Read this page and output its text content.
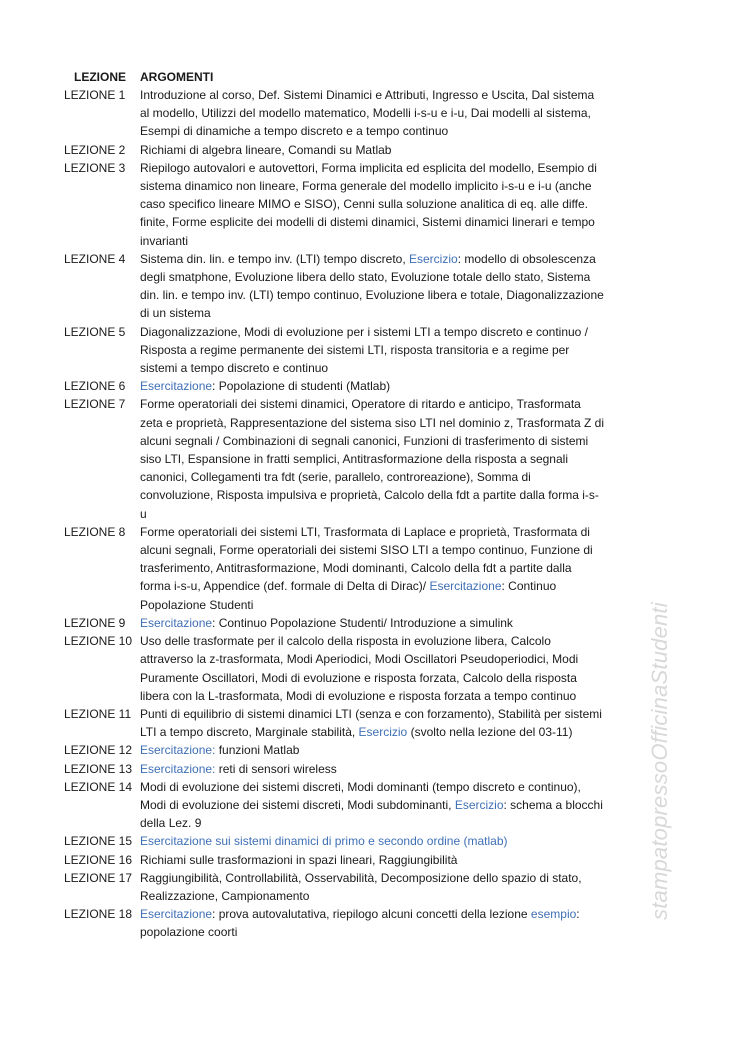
LEZIONE ARGOMENTI
LEZIONE 1	Introduzione al corso, Def. Sistemi Dinamici e Attributi, Ingresso e Uscita, Dal sistema al modello, Utilizzi del modello matematico, Modelli i-s-u e i-u, Dai modelli al sistema, Esempi di dinamiche a tempo discreto e a tempo continuo
LEZIONE 2	Richiami di algebra lineare, Comandi su Matlab
LEZIONE 3	Riepilogo autovalori e autovettori, Forma implicita ed esplicita del modello, Esempio di sistema dinamico non lineare, Forma generale del modello implicito i-s-u e i-u (anche caso specifico lineare MIMO e SISO), Cenni sulla soluzione analitica di eq. alle diffe. finite, Forme esplicite dei modelli di distemi dinamici, Sistemi dinamici linerari e tempo invarianti
LEZIONE 4	Sistema din. lin. e tempo inv. (LTI) tempo discreto, Esercizio: modello di obsolescenza degli smatphone, Evoluzione libera dello stato, Evoluzione totale dello stato, Sistema din. lin. e tempo inv. (LTI) tempo continuo, Evoluzione libera e totale, Diagonalizzazione di un sistema
LEZIONE 5	Diagonalizzazione, Modi di evoluzione per i sistemi LTI a tempo discreto e continuo / Risposta a regime permanente dei sistemi LTI, risposta transitoria e a regime per sistemi a tempo discreto e continuo
LEZIONE 6	Esercitazione: Popolazione di studenti (Matlab)
LEZIONE 7	Forme operatoriali dei sistemi dinamici, Operatore di ritardo e anticipo, Trasformata zeta e proprietà, Rappresentazione del sistema siso LTI nel dominio z, Trasformata Z di alcuni segnali / Combinazioni di segnali canonici, Funzioni di trasferimento di sistemi siso LTI, Espansione in fratti semplici, Antitrasformazione della risposta a segnali canonici, Collegamenti tra fdt (serie, parallelo, controreazione), Somma di convoluzione, Risposta impulsiva e proprietà, Calcolo della fdt a partite dalla forma i-s-u
LEZIONE 8	Forme operatoriali dei sistemi LTI, Trasformata di Laplace e proprietà, Trasformata di alcuni segnali, Forme operatoriali dei sistemi SISO LTI a tempo continuo, Funzione di trasferimento, Antitrasformazione, Modi dominanti, Calcolo della fdt a partite dalla forma i-s-u, Appendice (def. formale di Delta di Dirac)/ Esercitazione: Continuo Popolazione Studenti
LEZIONE 9	Esercitazione: Continuo Popolazione Studenti/ Introduzione a simulink
LEZIONE 10 Uso delle trasformate per il calcolo della risposta in evoluzione libera, Calcolo attraverso la z-trasformata, Modi Aperiodici, Modi Oscillatori Pseudoperiodici, Modi Puramente Oscillatori, Modi di evoluzione e risposta forzata, Calcolo della risposta libera con la L-trasformata, Modi di evoluzione e risposta forzata a tempo continuo
LEZIONE 11 Punti di equilibrio di sistemi dinamici LTI (senza e con forzamento), Stabilità per sistemi LTI a tempo discreto, Marginale stabilità, Esercizio (svolto nella lezione del 03-11)
LEZIONE 12 Esercitazione: funzioni Matlab
LEZIONE 13 Esercitazione: reti di sensori wireless
LEZIONE 14 Modi di evoluzione dei sistemi discreti, Modi dominanti (tempo discreto e continuo), Modi di evoluzione dei sistemi discreti, Modi subdominanti, Esercizio: schema a blocchi della Lez. 9
LEZIONE 15 Esercitazione sui sistemi dinamici di primo e secondo ordine (matlab)
LEZIONE 16 Richiami sulle trasformazioni in spazi lineari, Raggiungibilità
LEZIONE 17 Raggiungibilità, Controllabilità, Osservabilità, Decomposizione dello spazio di stato, Realizzazione, Campionamento
LEZIONE 18 Esercitazione: prova autovalutativa, riepilogo alcuni concetti della lezione esempio: popolazione coorti
stampatopressoOfficinaStudenti
